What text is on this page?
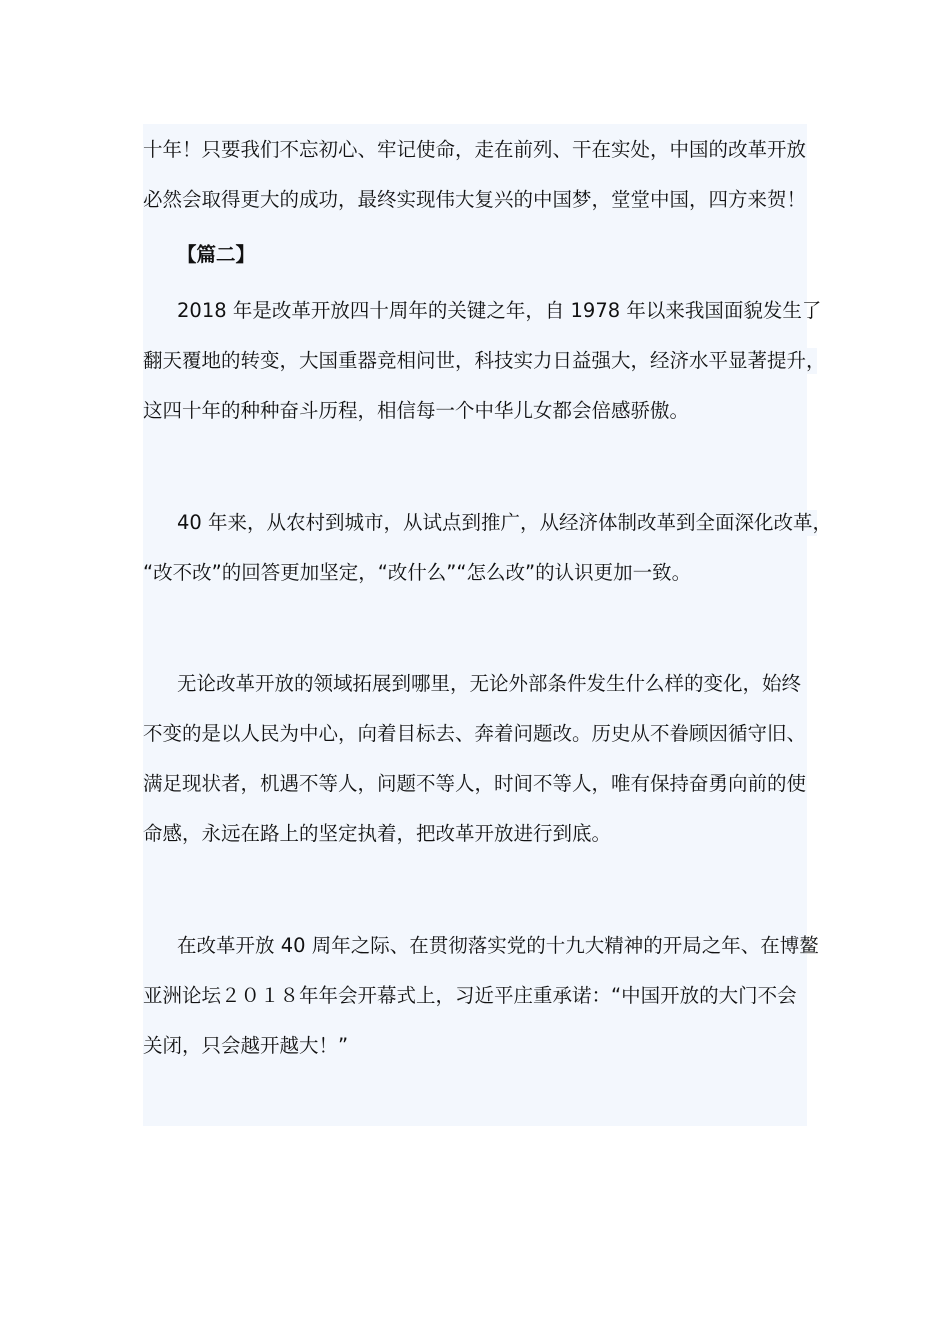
十年！只要我们不忘初心、牢记使命，走在前列、干在实处，中国的改革开放
必然会取得更大的成功，最终实现伟大复兴的中国梦，堂堂中国，四方来贺！
【篇二】
2018 年是改革开放四十周年的关键之年，自 1978 年以来我国面貌发生了
翻天覆地的转变，大国重器竞相问世，科技实力日益强大，经济水平显著提升，
这四十年的种种奋斗历程，相信每一个中华儿女都会倍感骄傲。
40 年来，从农村到城市，从试点到推广，从经济体制改革到全面深化改革，
“改不改”的回答更加坚定，“改什么”“怎么改”的认识更加一致。
无论改革开放的领域拓展到哪里，无论外部条件发生什么样的变化，始终
不变的是以人民为中心，向着目标去、奔着问题改。历史从不眷顾因循守旧、
满足现状者，机遇不等人，问题不等人，时间不等人，唯有保持奋勇向前的使
命感，永远在路上的坚定执着，把改革开放进行到底。
在改革开放 40 周年之际、在贯彻落实党的十九大精神的开局之年、在博鳌
亚洲论坛２０１８年年会开幕式上，习近平庄重承诺：“中国开放的大门不会
关闭，只会越开越大！”
